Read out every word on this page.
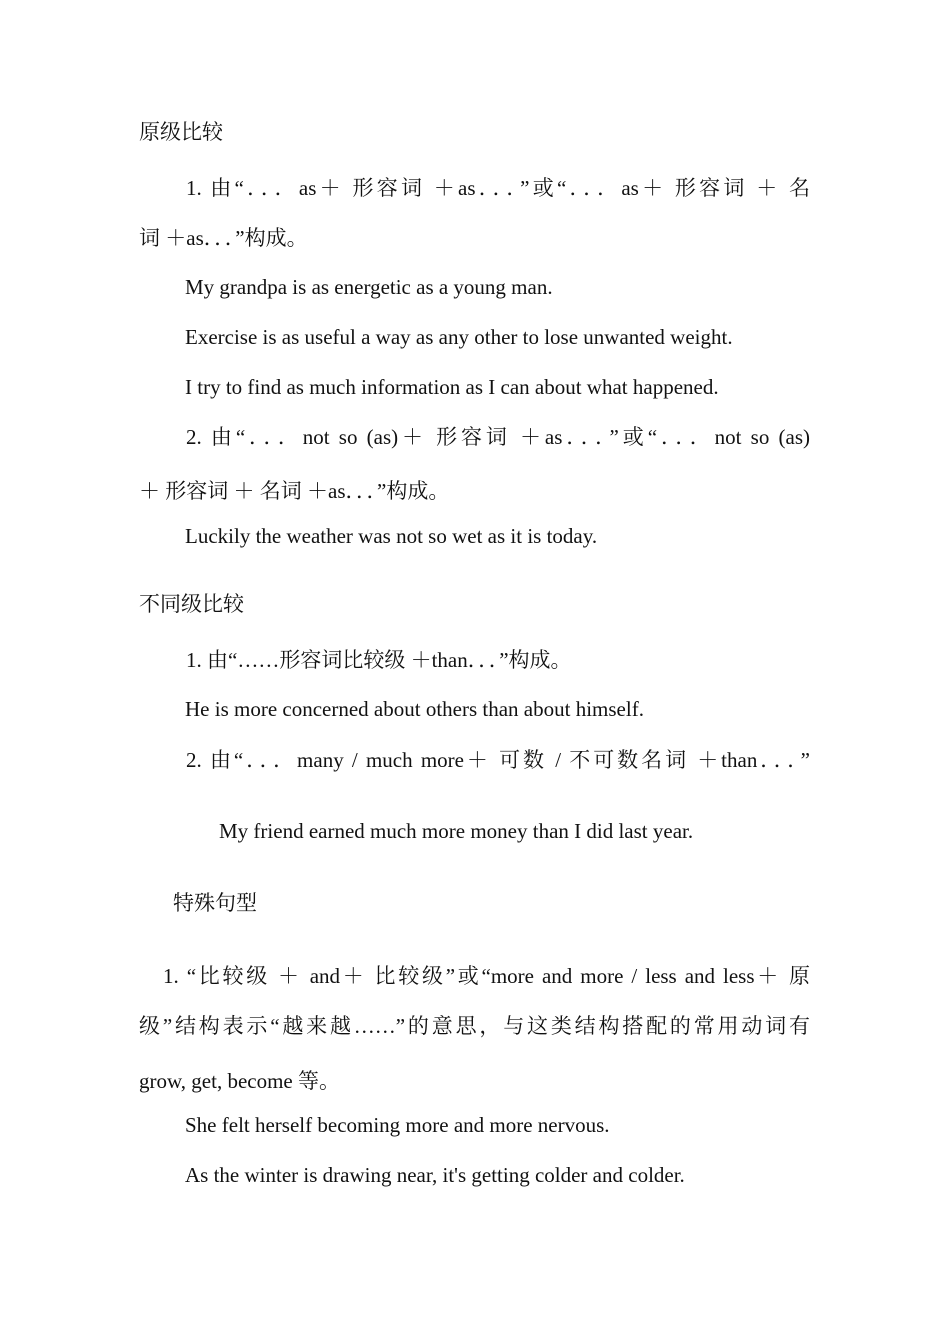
原级比较

1. 由“．．．as＋ 形容词 ＋as．．．”或“．．．as＋ 形容词 ＋ 名

词 ＋as．．．”构成。

My grandpa is as energetic as a young man.

Exercise is as useful a way as any other to lose unwanted weight.

I try to find as much information as I can about what happened.

2. 由“．．．not so (as)＋ 形容词 ＋as．．．”或“．．．not so (as)

＋ 形容词 ＋ 名词 ＋as．．．”构成。

Luckily the weather was not so wet as it is today.

不同级比较

1. 由“……形容词比较级 ＋than．．．”构成。

He is more concerned about others than about himself.

2. 由“．．．many / much more＋ 可数 / 不可数名词 ＋than．．．”

My friend earned much more money than I did last year.

特殊句型

1. “比较级 ＋ and＋ 比较级”或“more and more / less and less＋ 原

级”结构表示“越来越……”的意思，与这类结构搭配的常用动词有

grow, get, become 等。

She felt herself becoming more and more nervous.

As the winter is drawing near, it's getting colder and colder.
